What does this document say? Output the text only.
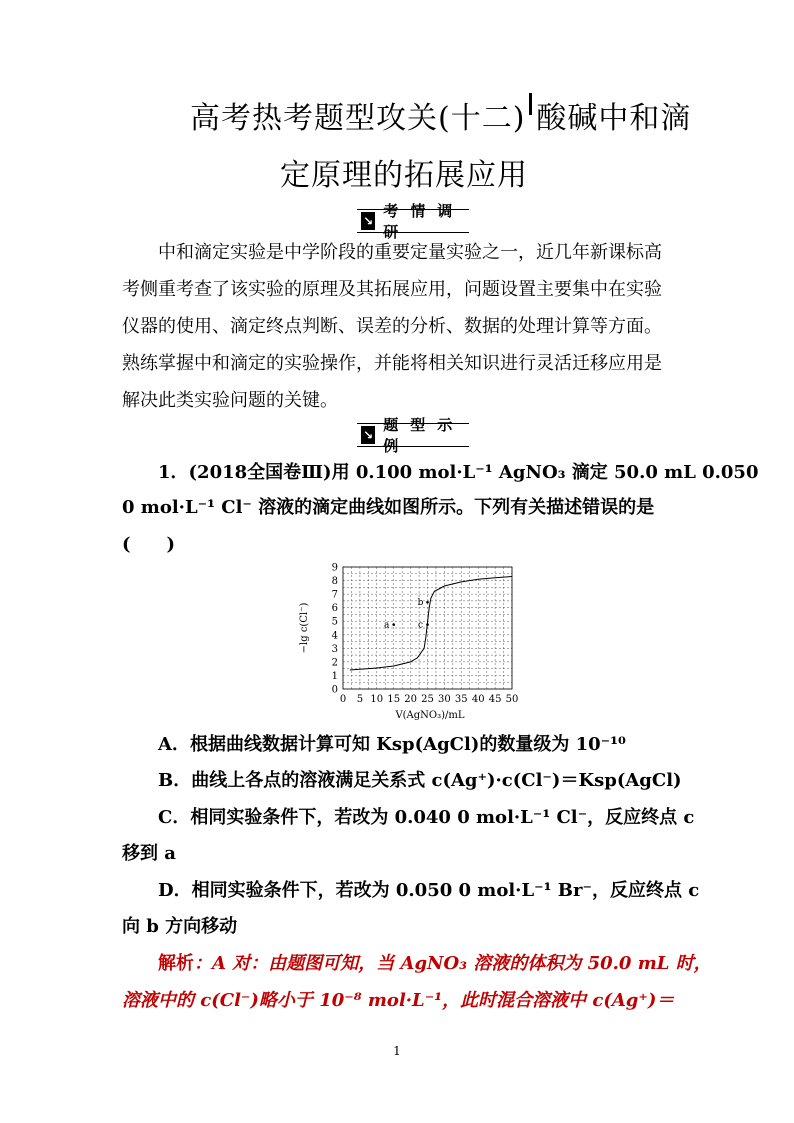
高考热考题型攻关(十二) 酸碱中和滴
定原理的拓展应用
↘
考情调研
中和滴定实验是中学阶段的重要定量实验之一，近几年新课标高考侧重考查了该实验的原理及其拓展应用，问题设置主要集中在实验仪器的使用、滴定终点判断、误差的分析、数据的处理计算等方面。熟练掌握中和滴定的实验操作，并能将相关知识进行灵活迁移应用是解决此类实验问题的关键。
↘
题型示例
1．(2018全国卷Ⅲ)用 0.100 mol·L⁻¹ AgNO₃ 滴定 50.0 mL 0.050
0 mol·L⁻¹ Cl⁻ 溶液的滴定曲线如图所示。下列有关描述错误的是
(　　)
0 5 10 15 20 25 30 35 40 45 50
0
1
2
3
4
5
6
7
8
9
a
b
c
V(AgNO₃)/mL
−lg c(Cl⁻)
A．根据曲线数据计算可知 Ksp(AgCl)的数量级为 10⁻¹⁰
B．曲线上各点的溶液满足关系式 c(Ag⁺)·c(Cl⁻)＝Ksp(AgCl)
C．相同实验条件下，若改为 0.040 0 mol·L⁻¹ Cl⁻，反应终点 c
移到 a
D．相同实验条件下，若改为 0.050 0 mol·L⁻¹ Br⁻，反应终点 c
向 b 方向移动
解析：A 对：由题图可知，当 AgNO₃ 溶液的体积为 50.0 mL 时，
溶液中的 c(Cl⁻)略小于 10⁻⁸ mol·L⁻¹，此时混合溶液中 c(Ag⁺)＝
1
